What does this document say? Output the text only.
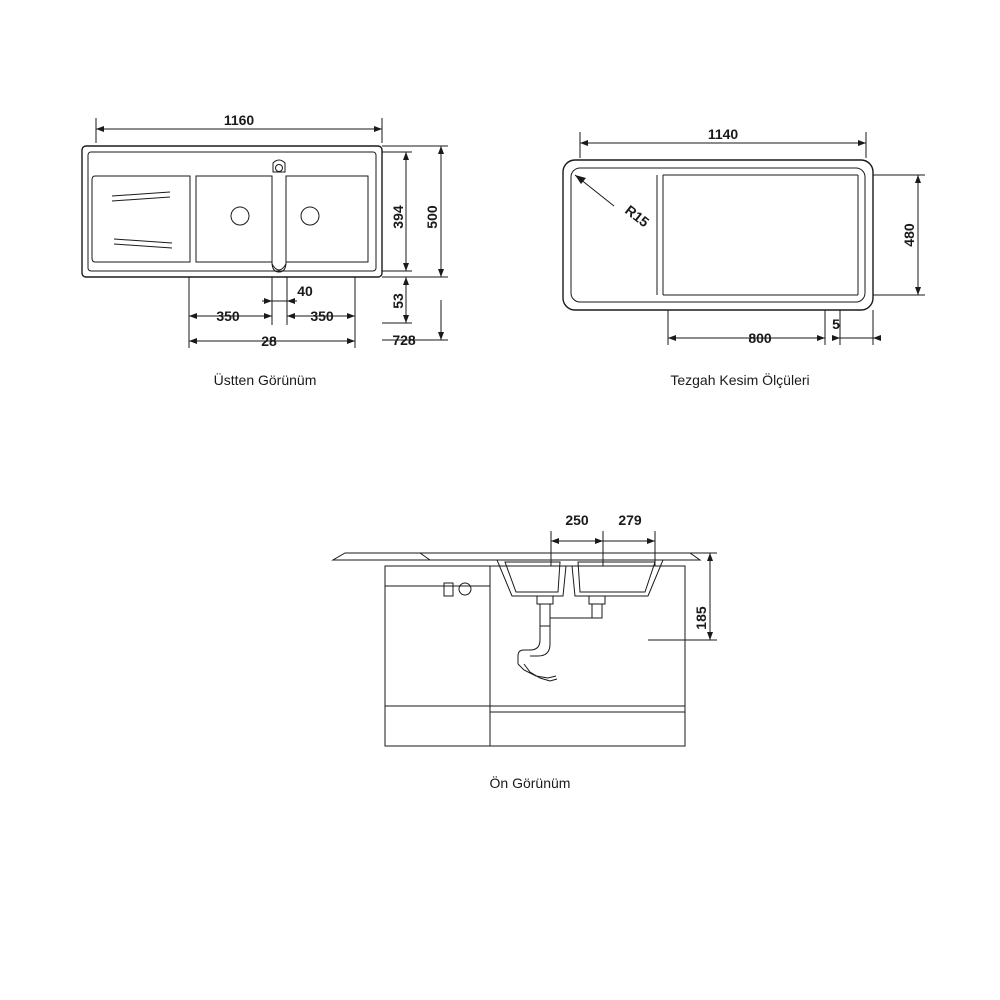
1160
394 500
53
728
350
40
350
28
R15
1140
480
800
5
250 279
185
Üstten Görünüm	Tezgah Kesim Ölçüleri
Ön Görünüm
